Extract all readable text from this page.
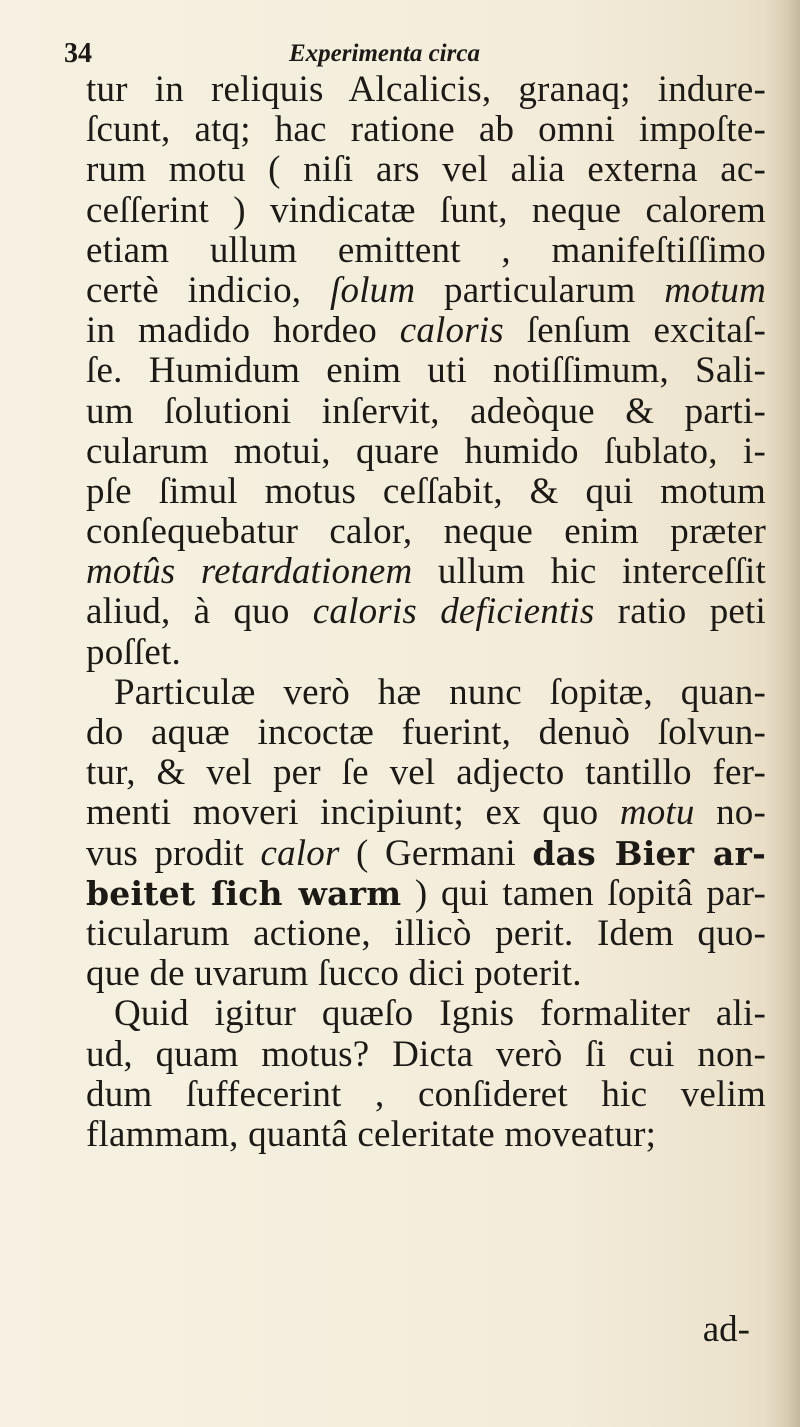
34	Experimenta circa
tur in reliquis Alcalicis, granaq; indure-
ſcunt, atq; hac ratione ab omni impoſte-
rum motu ( niſi ars vel alia externa ac-
ceſſerint ) vindicatæ ſunt, neque calorem
etiam ullum emittent , manifeſtiſſimo
certè indicio, ſolum particularum motum
in madido hordeo caloris ſenſum excitaſ-
ſe. Humidum enim uti notiſſimum, Sali-
um ſolutioni inſervit, adeòque & parti-
cularum motui, quare humido ſublato, i-
pſe ſimul motus ceſſabit, & qui motum
conſequebatur calor, neque enim præter
motûs retardationem ullum hic interceſſit
aliud, à quo caloris deficientis ratio peti
poſſet.
Particulæ verò hæ nunc ſopitæ, quan-
do aquæ incoctæ fuerint, denuò ſolvun-
tur, & vel per ſe vel adjecto tantillo fer-
menti moveri incipiunt; ex quo motu no-
vus prodit calor ( Germani das Bier ar-
beitet ſich warm ) qui tamen ſopitâ par-
ticularum actione, illicò perit. Idem quo-
que de uvarum ſucco dici poterit.
Quid igitur quæſo Ignis formaliter ali-
ud, quam motus? Dicta verò ſi cui non-
dum ſuffecerint , conſideret hic velim
flammam, quantâ celeritate moveatur;
ad-
